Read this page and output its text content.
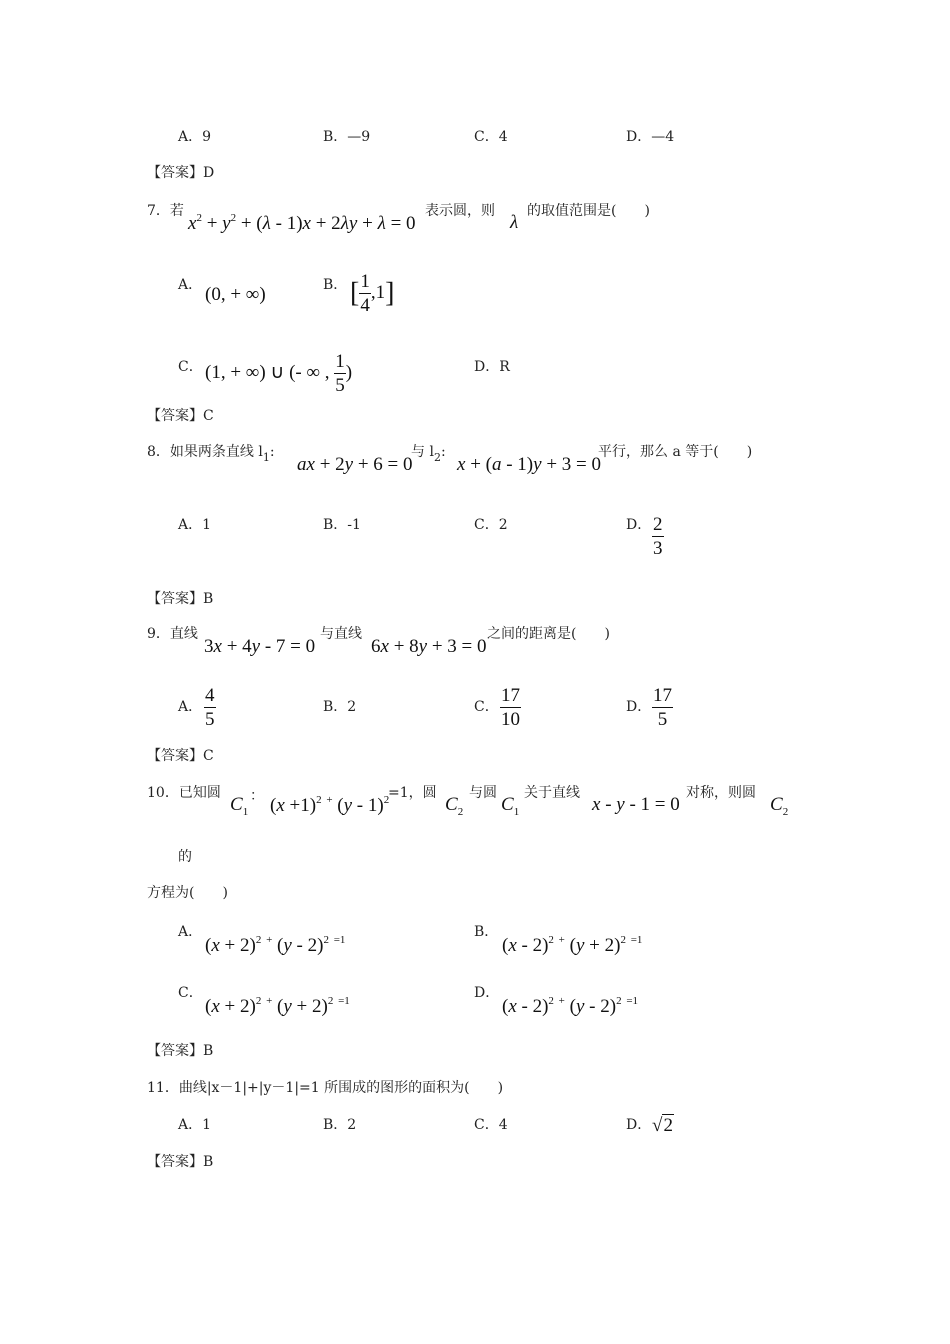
A．9	B．—9	C．4	D．—4
【答案】D
7．若
$x^2 + y^2 + (\lambda - 1)x + 2\lambda y + \lambda = 0$
表示圆，则
λ
的取值范围是(　　)
A． (0, + ∞)	B． [ $\frac{1}{4} ,1$]
C． (1, + ∞) ∪ (- ∞ , $\frac{1}{5}$ )	D．R
【答案】C
8．如果两条直线 $l_1$:
ax + 2y + 6 = 0
与 $l_2$:
x + (a - 1)y + 3 = 0
平行，那么 a 等于(　　)
A．1	B．-1	C．2	D． $\frac{2}{3}$
【答案】B
9．直线
3x + 4y - 7 = 0
与直线
6x + 8y + 3 = 0
之间的距离是(　　)
A． $\frac{4}{5}$	B．2	C． $\frac{17}{10}$	D． $\frac{17}{5}$
【答案】C
10．已知圆
$C_1$
： $(x +1)^2$ + (y - 1)$^2$
=1，圆
$C_2$
与圆
$C_1$
关于直线
x - y - 1 = 0
对称，则圆
$C_2$
的
方程为(　　)
A．
$(x + 2)^2$ + (y - 2)$^2$ $^{=1}$	B．
(x - 2)$^2$ + $(y + 2)^2$ $^{=1}$
C．
$(x + 2)^2$ + $(y + 2)^2$ $^{=1}$	D．
(x - 2)$^2$ + (y - 2)$^2$ $^{=1}$
【答案】B
11．曲线|x－1|+|y－1|=1 所围成的图形的面积为(　　)
A．1	B．2	C．4	D． √2
【答案】B
